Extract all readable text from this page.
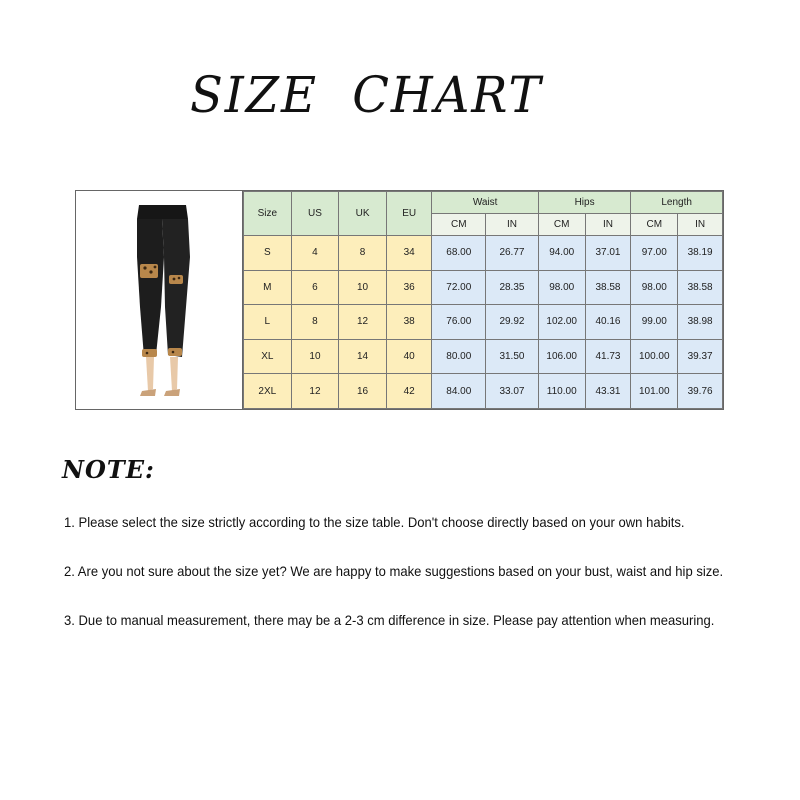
SIZE  CHART
Size	US	UK	EU	Waist		Hips		Length	
				CM	IN	CM	IN	CM	IN
S	4	8	34	68.00	26.77	94.00	37.01	97.00	38.19
M	6	10	36	72.00	28.35	98.00	38.58	98.00	38.58
L	8	12	38	76.00	29.92	102.00	40.16	99.00	38.98
XL	10	14	40	80.00	31.50	106.00	41.73	100.00	39.37
2XL	12	16	42	84.00	33.07	110.00	43.31	101.00	39.76
NOTE:

1. Please select the size strictly according to the size table. Don't choose directly based on your own habits.

2. Are you not sure about the size yet? We are happy to make suggestions based on your bust, waist and hip size.

3. Due to manual measurement, there may be a 2-3 cm difference in size. Please pay attention when measuring.
